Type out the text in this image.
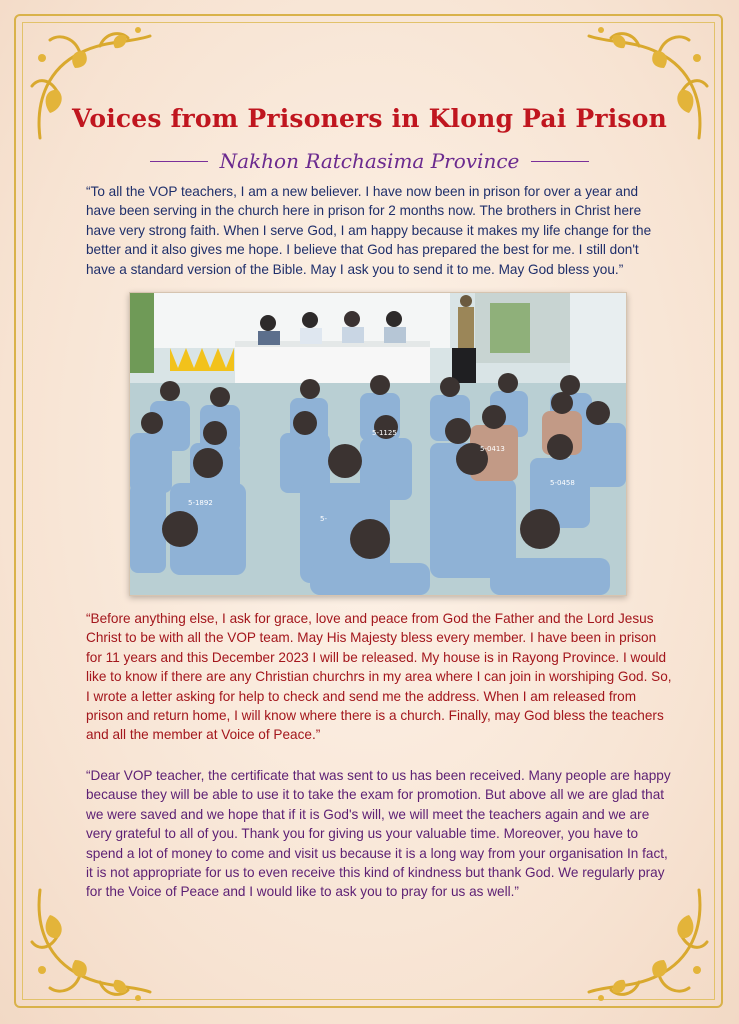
Voices from Prisoners in Klong Pai Prison
Nakhon Ratchasima Province

“To all the VOP teachers, I am a new believer. I have now been in prison for over a year and have been serving in the church here in prison for 2 months now. The brothers in Christ here have very strong faith. When I serve God, I am happy because it makes my life change for the better and it also gives me hope. I believe that God has prepared the best for me. I still don't have a standard version of the Bible. May I ask you to send it to me. May God bless you.”

5-1892
5-0458
5-0413
5-1125
5-

“Before anything else, I ask for grace, love and peace from God the Father and the Lord Jesus Christ to be with all the VOP team. May His Majesty bless every member. I have been in prison for 11 years and this December 2023 I will be released. My house is in Rayong Province. I would like to know if there are any Christian churchrs in my area where I can join in worshiping God. So, I wrote a letter asking for help to check and send me the address. When I am released from prison and return home, I will know where there is a church. Finally, may God bless the teachers and all the member at Voice of Peace.”

“Dear VOP teacher, the certificate that was sent to us has been received. Many people are happy because they will be able to use it to take the exam for promotion. But above all we are glad that we were saved and we hope that if it is God's will, we will meet the teachers again and we are very grateful to all of you. Thank you for giving us your valuable time. Moreover, you have to spend a lot of money to come and visit us because it is a long way from your organisation In fact, it is not appropriate for us to even receive this kind of kindness but thank God. We regularly pray for the Voice of Peace and I would like to ask you to pray for us as well.”
